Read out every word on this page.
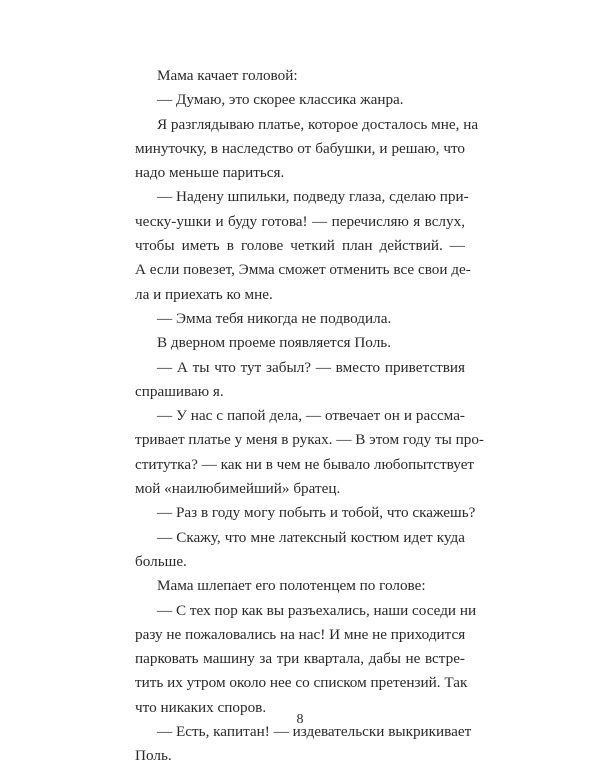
Мама качает головой:
— Думаю, это скорее классика жанра.
Я разглядываю платье, которое досталось мне, на
минуточку, в наследство от бабушки, и решаю, что
надо меньше париться.
— Надену шпильки, подведу глаза, сделаю при-
ческу-ушки и буду готова! — перечисляю я вслух,
чтобы иметь в голове четкий план действий. —
А если повезет, Эмма сможет отменить все свои де-
ла и приехать ко мне.
— Эмма тебя никогда не подводила.
В дверном проеме появляется Поль.
— А ты что тут забыл? — вместо приветствия
спрашиваю я.
— У нас с папой дела, — отвечает он и рассма-
тривает платье у меня в руках. — В этом году ты про-
ститутка? — как ни в чем не бывало любопытствует
мой «наилюбимейший» братец.
— Раз в году могу побыть и тобой, что скажешь?
— Скажу, что мне латексный костюм идет куда
больше.
Мама шлепает его полотенцем по голове:
— С тех пор как вы разъехались, наши соседи ни
разу не пожаловались на нас! И мне не приходится
парковать машину за три квартала, дабы не встре-
тить их утром около нее со списком претензий. Так
что никаких споров.
— Есть, капитан! — издевательски выкрикивает
Поль.
8
